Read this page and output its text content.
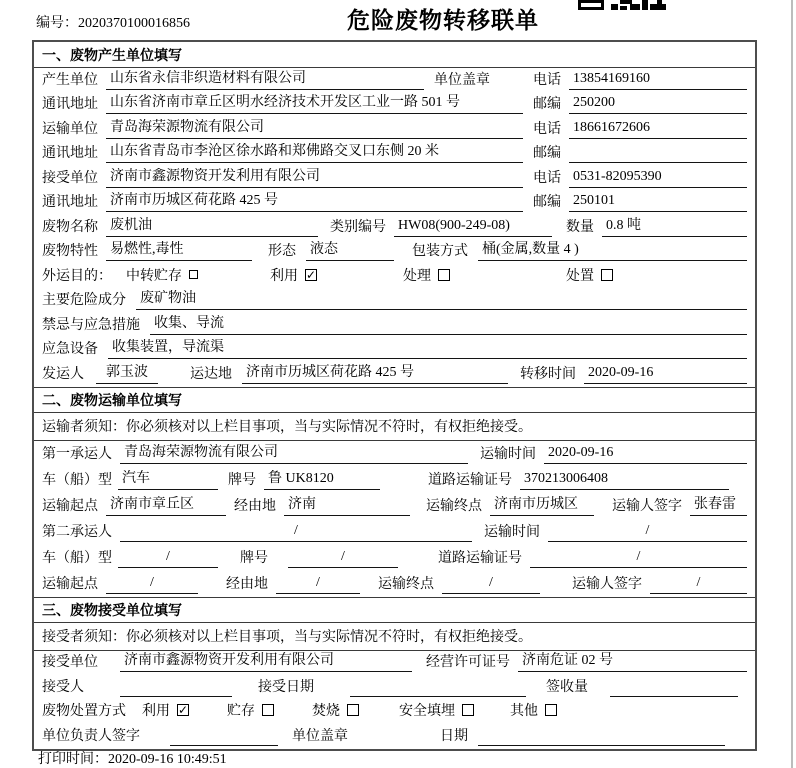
编号：2020370100016856	危险废物转移联单
一、废物产生单位填写
产生单位 山东省永信非织造材料有限公司	单位盖章	电话 13854169160
通讯地址 山东省济南市章丘区明水经济技术开发区工业一路 501 号	邮编 250200
运输单位 青岛海荣源物流有限公司	电话 18661672606
通讯地址 山东省青岛市李沧区徐水路和郑佛路交叉口东侧 20 米	邮编
接受单位 济南市鑫源物资开发利用有限公司	电话 0531-82095390
通讯地址 济南市历城区荷花路 425 号	邮编 250101
废物名称 废机油	类别编号 HW08(900-249-08)	数量 0.8 吨
废物特性 易燃性,毒性	形态 液态	包装方式 桶(金属,数量 4 )
外运目的： 中转贮存	利用 ✓	处理	处置
主要危险成分 废矿物油
禁忌与应急措施 收集、导流
应急设备 收集装置，导流渠
发运人	郭玉波	运达地 济南市历城区荷花路 425 号	转移时间 2020-09-16
二、废物运输单位填写
运输者须知：你必须核对以上栏目事项，当与实际情况不符时，有权拒绝接受。
第一承运人 青岛海荣源物流有限公司	运输时间 2020-09-16
车（船）型 汽车	牌号 鲁 UK8120	道路运输证号 370213006408
运输起点 济南市章丘区	经由地 济南	运输终点 济南市历城区	运输人签字 张春雷
第二承运人	/	运输时间	/
车（船）型	/	牌号	/	道路运输证号	/
运输起点	/	经由地	/	运输终点	/	运输人签字	/
三、废物接受单位填写
接受者须知：你必须核对以上栏目事项，当与实际情况不符时，有权拒绝接受。
接受单位 济南市鑫源物资开发利用有限公司	经营许可证号 济南危证 02 号
接受人	接受日期	签收量
废物处置方式 利用 ✓	贮存	焚烧	安全填埋	其他
单位负责人签字	单位盖章	日期
打印时间：2020-09-16 10:49:51
